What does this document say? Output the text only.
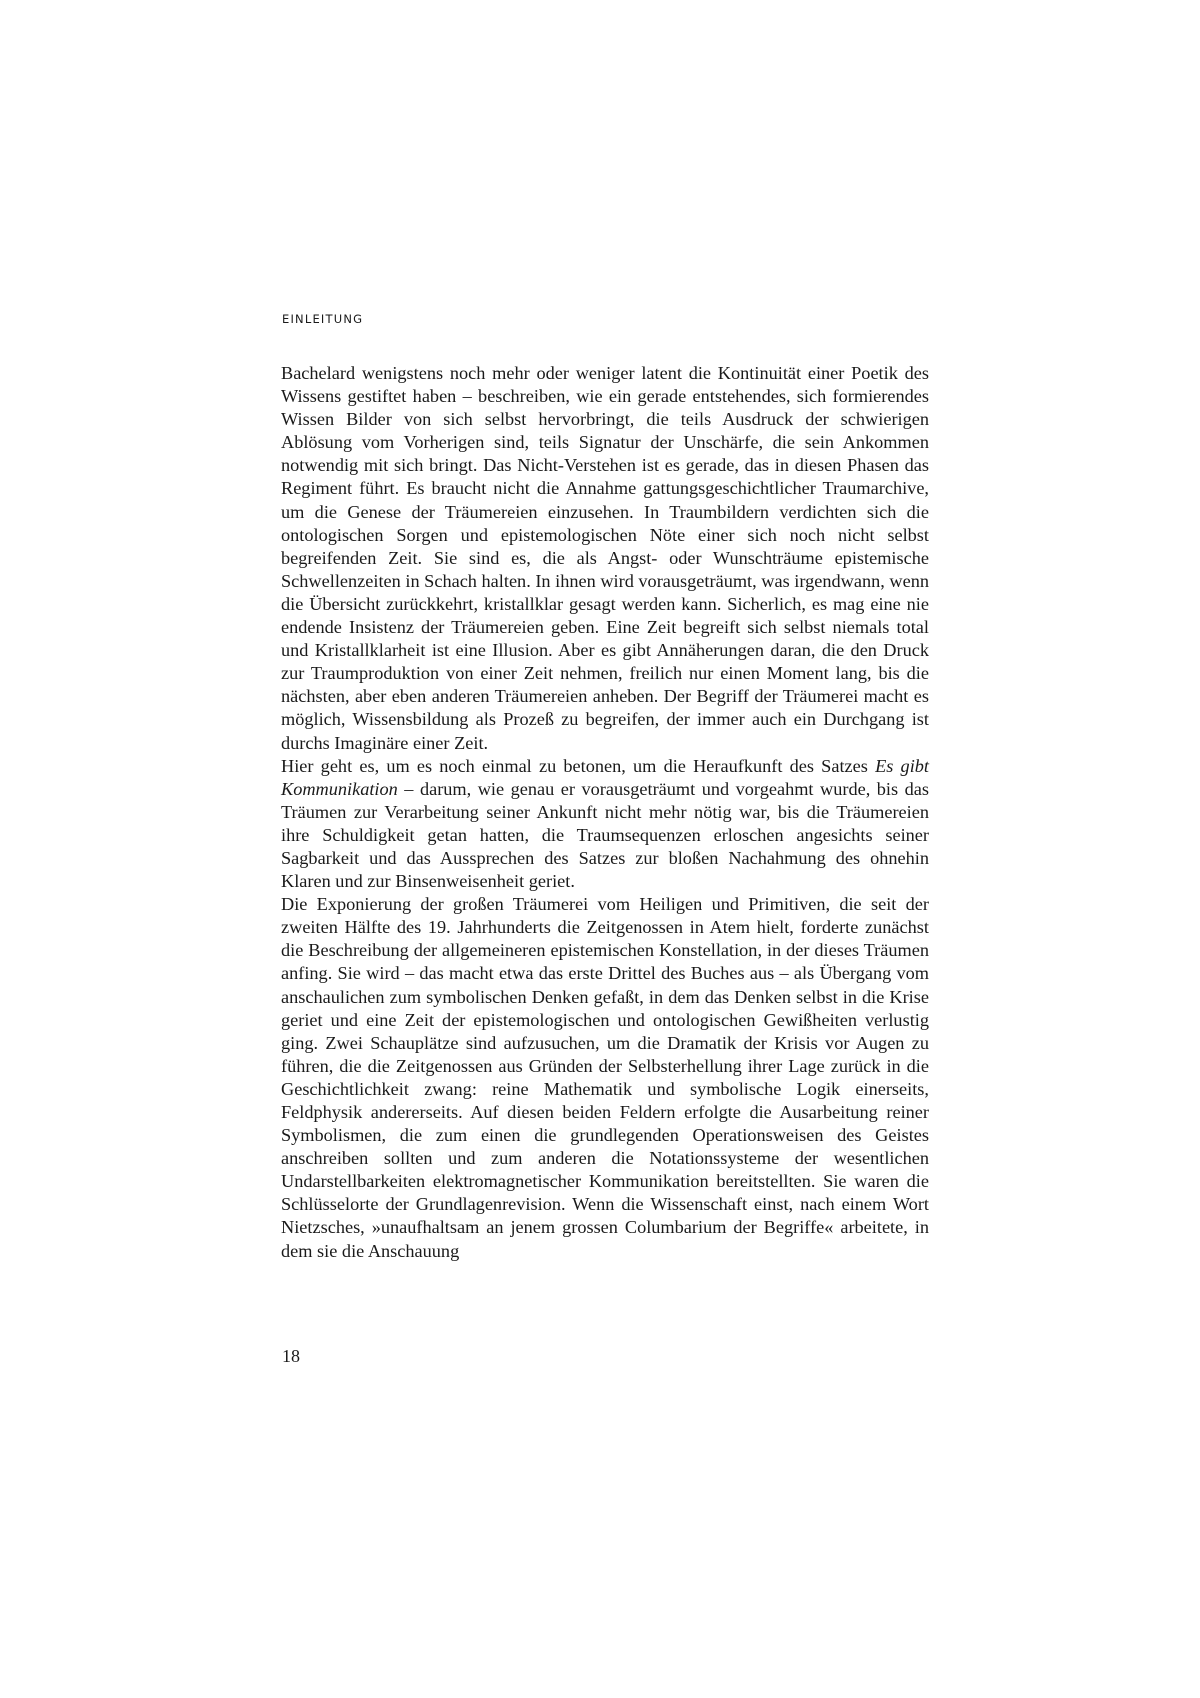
EINLEITUNG

Bachelard wenigstens noch mehr oder weniger latent die Kontinuität einer Poetik des Wissens gestiftet haben – beschreiben, wie ein gerade entstehendes, sich formierendes Wissen Bilder von sich selbst hervorbringt, die teils Ausdruck der schwierigen Ablösung vom Vorherigen sind, teils Signatur der Unschärfe, die sein Ankommen notwendig mit sich bringt. Das Nicht-Verstehen ist es gerade, das in diesen Phasen das Regiment führt. Es braucht nicht die Annahme gattungsgeschichtlicher Traumarchive, um die Genese der Träumereien einzusehen. In Traumbildern verdichten sich die ontologischen Sorgen und epistemologischen Nöte einer sich noch nicht selbst begreifenden Zeit. Sie sind es, die als Angst- oder Wunschträume epistemische Schwellenzeiten in Schach halten. In ihnen wird vorausgeträumt, was irgendwann, wenn die Übersicht zurückkehrt, kristallklar gesagt werden kann. Sicherlich, es mag eine nie endende Insistenz der Träumereien geben. Eine Zeit begreift sich selbst niemals total und Kristallklarheit ist eine Illusion. Aber es gibt Annäherungen daran, die den Druck zur Traumproduktion von einer Zeit nehmen, freilich nur einen Moment lang, bis die nächsten, aber eben anderen Träumereien anheben. Der Begriff der Träumerei macht es möglich, Wissensbildung als Prozeß zu begreifen, der immer auch ein Durchgang ist durchs Imaginäre einer Zeit.

Hier geht es, um es noch einmal zu betonen, um die Heraufkunft des Satzes Es gibt Kommunikation – darum, wie genau er vorausgeträumt und vorgeahmt wurde, bis das Träumen zur Verarbeitung seiner Ankunft nicht mehr nötig war, bis die Träumereien ihre Schuldigkeit getan hatten, die Traumsequenzen erloschen angesichts seiner Sagbarkeit und das Aussprechen des Satzes zur bloßen Nachahmung des ohnehin Klaren und zur Binsenweisenheit geriet.

Die Exponierung der großen Träumerei vom Heiligen und Primitiven, die seit der zweiten Hälfte des 19. Jahrhunderts die Zeitgenossen in Atem hielt, forderte zunächst die Beschreibung der allgemeineren epistemischen Konstellation, in der dieses Träumen anfing. Sie wird – das macht etwa das erste Drittel des Buches aus – als Übergang vom anschaulichen zum symbolischen Denken gefaßt, in dem das Denken selbst in die Krise geriet und eine Zeit der epistemologischen und ontologischen Gewißheiten verlustig ging. Zwei Schauplätze sind aufzusuchen, um die Dramatik der Krisis vor Augen zu führen, die die Zeitgenossen aus Gründen der Selbsterhellung ihrer Lage zurück in die Geschichtlichkeit zwang: reine Mathematik und symbolische Logik einerseits, Feldphysik andererseits. Auf diesen beiden Feldern erfolgte die Ausarbeitung reiner Symbolismen, die zum einen die grundlegenden Operationsweisen des Geistes anschreiben sollten und zum anderen die Notationssysteme der wesentlichen Undarstellbarkeiten elektromagnetischer Kommunikation bereitstellten. Sie waren die Schlüsselorte der Grundlagenrevision. Wenn die Wissenschaft einst, nach einem Wort Nietzsches, »unaufhaltsam an jenem grossen Columbarium der Begriffe« arbeitete, in dem sie die Anschauung

18
